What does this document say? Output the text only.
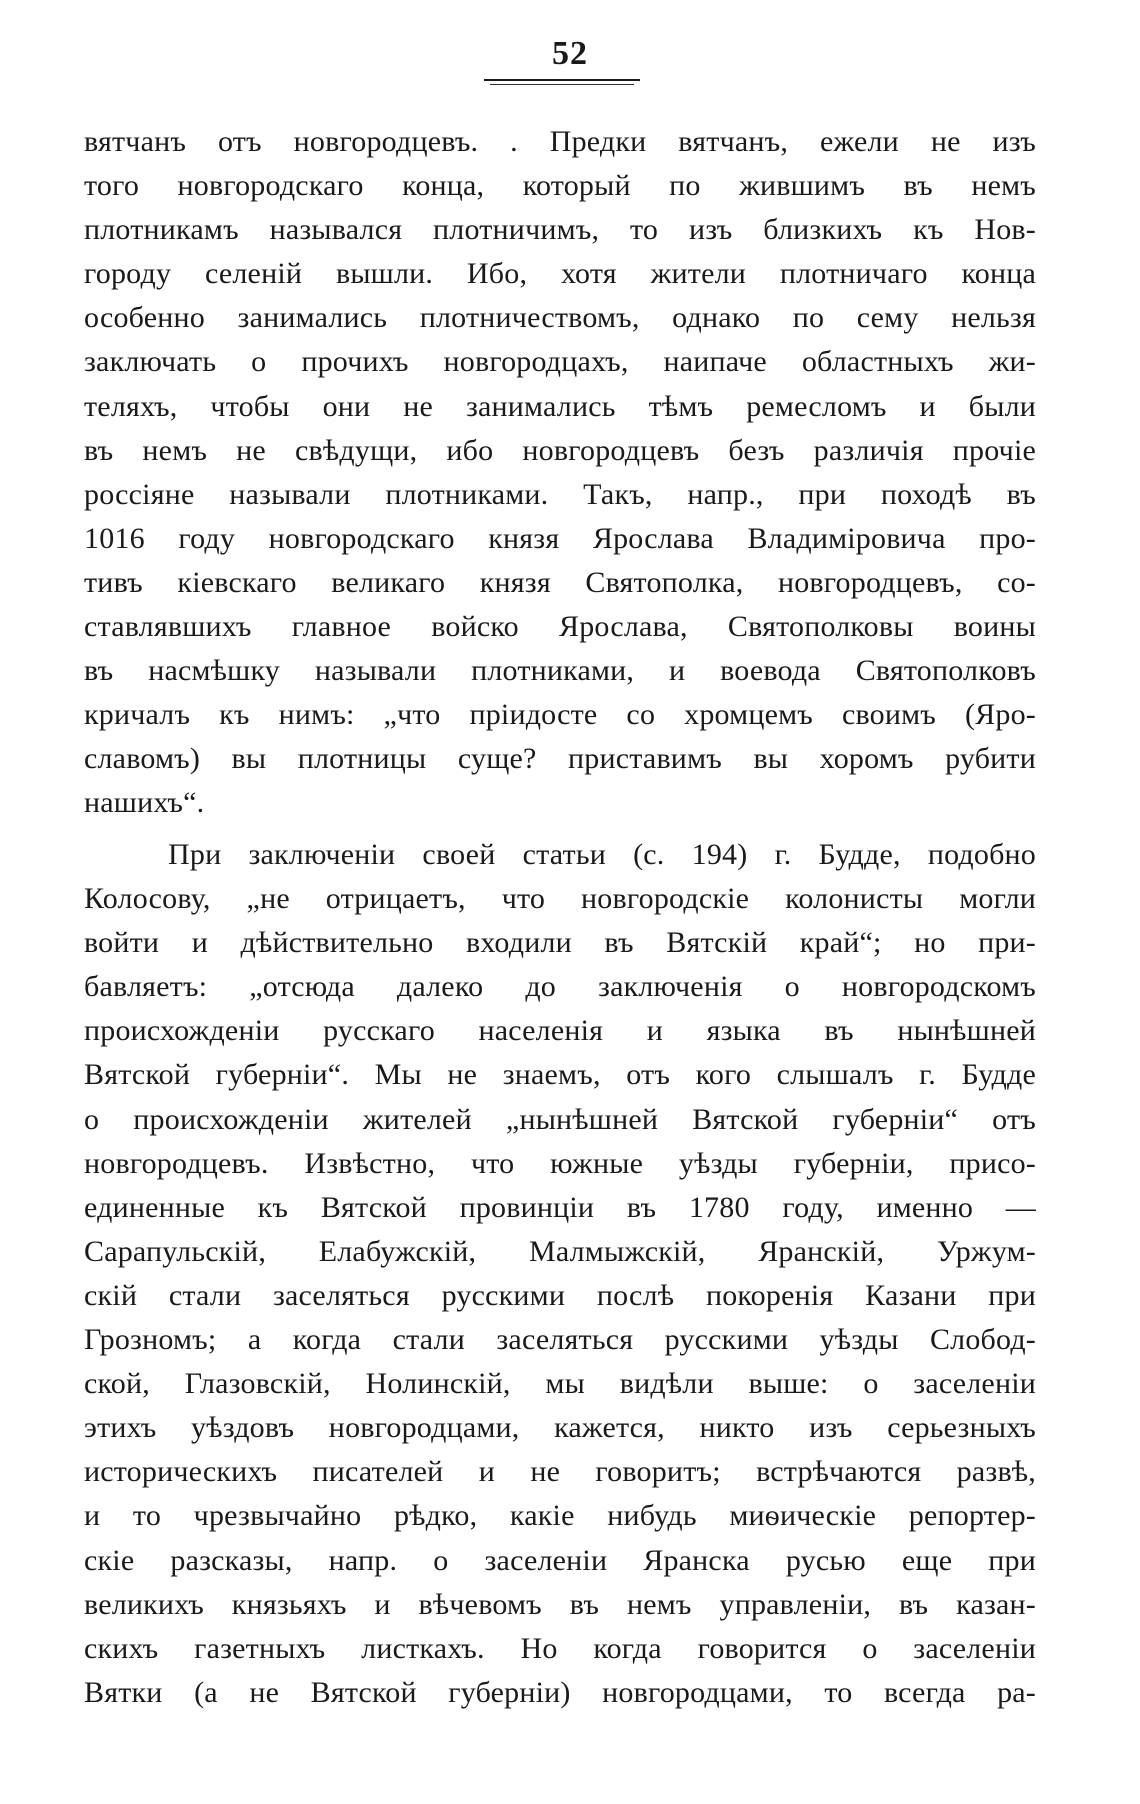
52
вятчанъ отъ новгородцевъ. . Предки вятчанъ, ежели не изъ
того новгородскаго конца, который по жившимъ въ немъ
плотникамъ назывался плотничимъ, то изъ близкихъ къ Нов-
городу селеній вышли. Ибо, хотя жители плотничаго конца
особенно занимались плотничествомъ, однако по сему нельзя
заключать о прочихъ новгородцахъ, наипаче областныхъ жи-
теляхъ, чтобы они не занимались тѣмъ ремесломъ и были
въ немъ не свѣдущи, ибо новгородцевъ безъ различія прочіе
россіяне называли плотниками. Такъ, напр., при походѣ въ
1016 году новгородскаго князя Ярослава Владиміровича про-
тивъ кіевскаго великаго князя Святополка, новгородцевъ, со-
ставлявшихъ главное войско Ярослава, Святополковы воины
въ насмѣшку называли плотниками, и воевода Святополковъ
кричалъ къ нимъ: „что пріидосте со хромцемъ своимъ (Яро-
славомъ) вы плотницы суще? приставимъ вы хоромъ рубити
нашихъ“.
При заключеніи своей статьи (с. 194) г. Будде, подобно
Колосову, „не отрицаетъ, что новгородскіе колонисты могли
войти и дѣйствительно входили въ Вятскій край“; но при-
бавляетъ: „отсюда далеко до заключенія о новгородскомъ
происхожденіи русскаго населенія и языка въ нынѣшней
Вятской губерніи“. Мы не знаемъ, отъ кого слышалъ г. Будде
о происхожденіи жителей „нынѣшней Вятской губерніи“ отъ
новгородцевъ. Извѣстно, что южные уѣзды губерніи, присо-
единенные къ Вятской провинціи въ 1780 году, именно —
Сарапульскій, Елабужскій, Малмыжскій, Яранскій, Уржум-
скій стали заселяться русскими послѣ покоренія Казани при
Грозномъ; а когда стали заселяться русскими уѣзды Слобод-
ской, Глазовскій, Нолинскій, мы видѣли выше: о заселеніи
этихъ уѣздовъ новгородцами, кажется, никто изъ серьезныхъ
историческихъ писателей и не говоритъ; встрѣчаются развѣ,
и то чрезвычайно рѣдко, какіе нибудь миѳическіе репортер-
скіе разсказы, напр. о заселеніи Яранска русью еще при
великихъ князьяхъ и вѣчевомъ въ немъ управленіи, въ казан-
скихъ газетныхъ листкахъ. Но когда говорится о заселеніи
Вятки (а не Вятской губерніи) новгородцами, то всегда ра-
